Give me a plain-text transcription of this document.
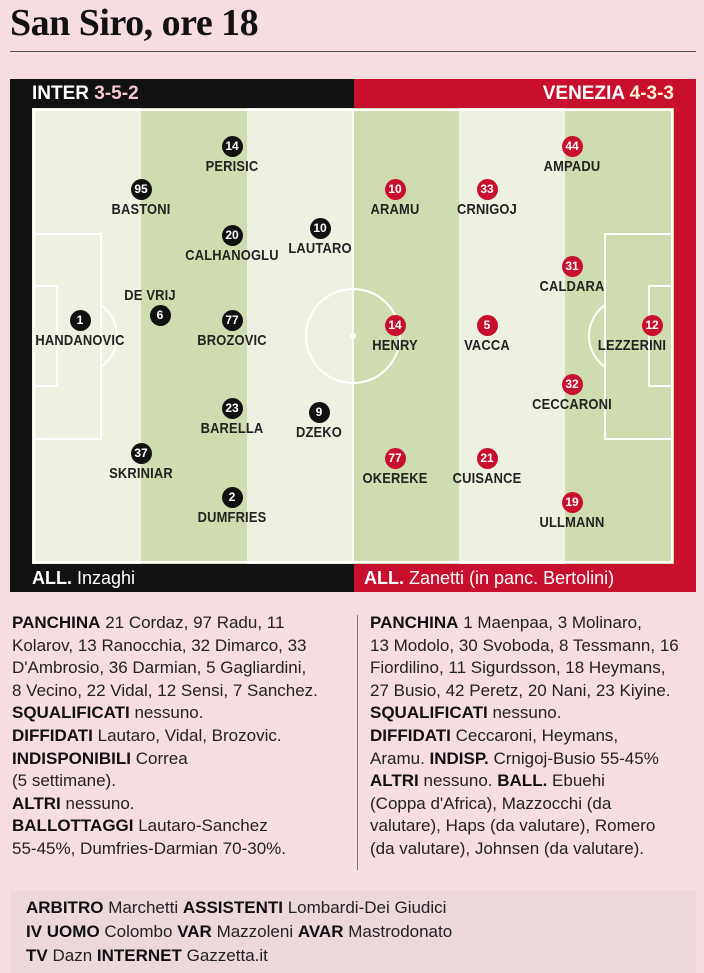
San Siro, ore 18
INTER 3-5-2	VENEZIA 4-3-3
1
HANDANOVIC
DE VRIJ
6
95
BASTONI
37
SKRINIAR
14
PERISIC
20
CALHANOGLU
77
BROZOVIC
23
BARELLA
2
DUMFRIES
10
LAUTARO
9
DZEKO
44
AMPADU
10
ARAMU
33
CRNIGOJ
31
CALDARA
14
HENRY
5
VACCA
12
LEZZERINI
32
CECCARONI
77
OKEREKE
21
CUISANCE
19
ULLMANN
ALL. Inzaghi	ALL. Zanetti (in panc. Bertolini)
PANCHINA 21 Cordaz, 97 Radu, 11
Kolarov, 13 Ranocchia, 32 Dimarco, 33
D'Ambrosio, 36 Darmian, 5 Gagliardini,
8 Vecino, 22 Vidal, 12 Sensi, 7 Sanchez.
SQUALIFICATI nessuno.
DIFFIDATI Lautaro, Vidal, Brozovic.
INDISPONIBILI Correa
(5 settimane).
ALTRI nessuno.
BALLOTTAGGI Lautaro-Sanchez
55-45%, Dumfries-Darmian 70-30%.
PANCHINA 1 Maenpaa, 3 Molinaro,
13 Modolo, 30 Svoboda, 8 Tessmann, 16
Fiordilino, 11 Sigurdsson, 18 Heymans,
27 Busio, 42 Peretz, 20 Nani, 23 Kiyine.
SQUALIFICATI nessuno.
DIFFIDATI Ceccaroni, Heymans,
Aramu. INDISP. Crnigoj-Busio 55-45%
ALTRI nessuno. BALL. Ebuehi
(Coppa d'Africa), Mazzocchi (da
valutare), Haps (da valutare), Romero
(da valutare), Johnsen (da valutare).
ARBITRO Marchetti ASSISTENTI Lombardi-Dei Giudici
IV UOMO Colombo VAR Mazzoleni AVAR Mastrodonato
TV Dazn INTERNET Gazzetta.it
